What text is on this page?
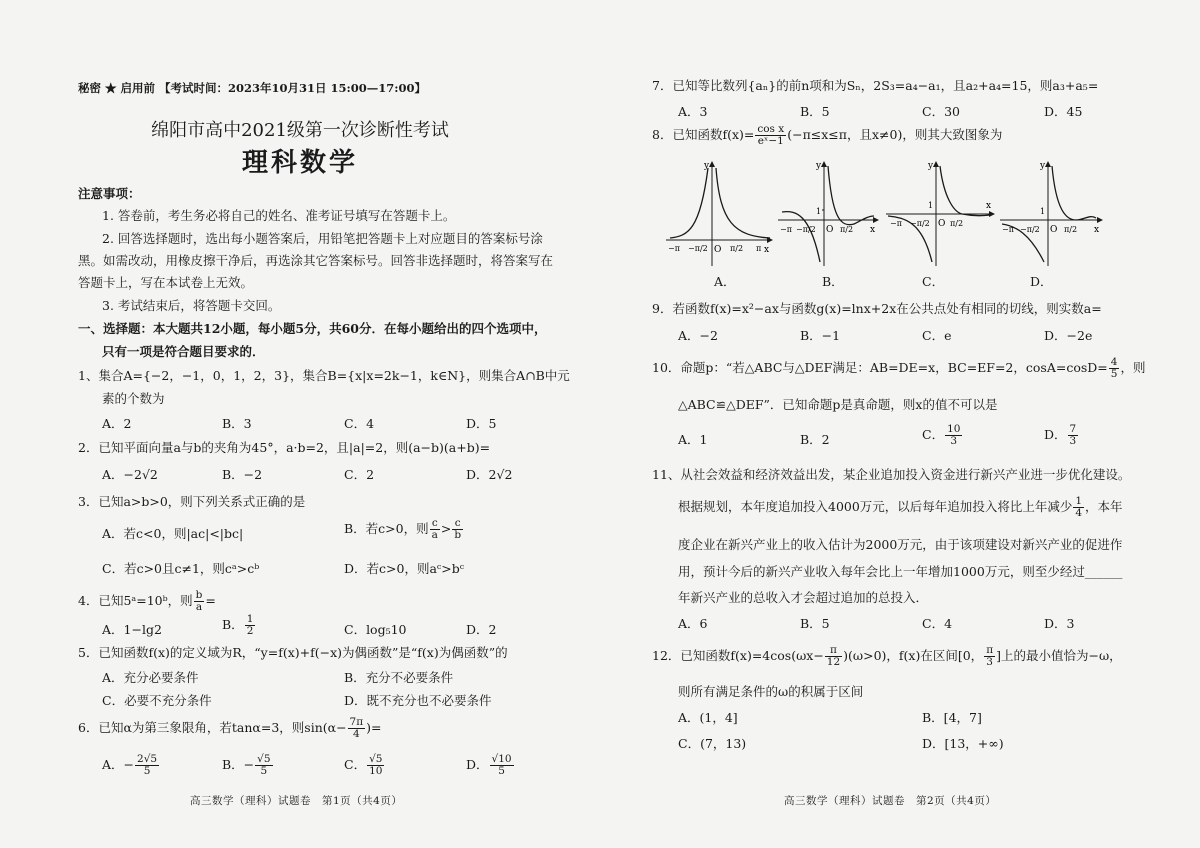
秘密 ★ 启用前 【考试时间：2023年10月31日 15:00—17:00】
绵阳市高中2021级第一次诊断性考试
理科数学
注意事项：
1. 答卷前，考生务必将自己的姓名、准考证号填写在答题卡上。
2. 回答选择题时，选出每小题答案后，用铅笔把答题卡上对应题目的答案标号涂
黑。如需改动，用橡皮擦干净后，再选涂其它答案标号。回答非选择题时，将答案写在
答题卡上，写在本试卷上无效。
3. 考试结束后，将答题卡交回。
一、选择题：本大题共12小题，每小题5分，共60分．在每小题给出的四个选项中，
只有一项是符合题目要求的．
1、集合A={−2，−1，0，1，2，3}，集合B={x|x=2k−1，k∈N}，则集合A∩B中元
素的个数为
A．2	B．3	C．4	D．5
2．已知平面向量a与b的夹角为45°，a·b=2，且|a|=2，则(a−b)(a+b)=
A．−2√2	B．−2	C．2	D．2√2
3．已知a>b>0，则下列关系式正确的是
A．若c<0，则|ac|<|bc|	B．若c>0，则 $\frac{c}{a} > \frac{c}{b}$
C．若c>0且c≠1，则cᵃ>cᵇ	D．若c>0，则aᶜ>bᶜ
4．已知5ᵃ=10ᵇ，则 $\frac{b}{a}$ =
A．1−lg2	B． $\frac{1}{2}$	C．log₅10	D．2
5．已知函数f(x)的定义域为R，“y=f(x)+f(−x)为偶函数”是“f(x)为偶函数”的
A．充分必要条件	B．充分不必要条件
C．必要不充分条件	D．既不充分也不必要条件
6．已知α为第三象限角，若tanα=3，则$\sin(\alpha- \frac{7\pi}{4}$ )=
A．− $\frac{2√5}{5}$	B．− $\frac{√5}{5}$	C． $\frac{√5}{10}$	D． $\frac{√10}{5}$
高三数学（理科）试题卷　第1页（共4页）
7．已知等比数列{aₙ}的前n项和为Sₙ，2S₃=a₄−a₁，且a₂+a₄=15，则a₃+a₅=
A．3	B．5	C．30	D．45
8．已知函数$f(x)= \frac{\text{cos x}}{\text{eˣ−1}} (-\pi\le x\le\pi$，且x≠0)，则其大致图象为
y
x
O
−π −π/2	π/2 π
y
x
1
O
−π −π/2	π/2
y
x
1
O
−π −π/2	π/2
y
x
1
O
−π −π/2	π/2
A．	B．	C．	D．
9．若函数f(x)=x²−ax与函数g(x)=lnx+2x在公共点处有相同的切线，则实数a=
A．−2	B．−1	C．e	D．−2e
10．命题p：“若△ABC与△DEF满足：AB=DE=x，BC=EF=2，$\cos A=\cos D= \frac{4}{5}$ ，则
△ABC≌△DEF”．已知命题p是真命题，则x的值不可以是
A．1	B．2	C． $\frac{10}{3}$	D． $\frac{7}{3}$
11、从社会效益和经济效益出发，某企业追加投入资金进行新兴产业进一步优化建设。
根据规划，本年度追加投入4000万元，以后每年追加投入将比上年减少 $\frac{1}{4}$ ，本年
度企业在新兴产业上的收入估计为2000万元，由于该项建设对新兴产业的促进作
用，预计今后的新兴产业收入每年会比上一年增加1000万元，则至少经过______
年新兴产业的总收入才会超过追加的总投入．
A．6	B．5	C．4	D．3
12．已知函数$f(x)=4\cos(\omega x- \frac{\pi}{12} )(\omega>0)$，f(x)在区间[0， $\frac{\pi}{3}$ ]上的最小值恰为−ω，
则所有满足条件的ω的积属于区间
A．(1，4]	B．[4，7]
C．(7，13)	D．[13，+∞)
高三数学（理科）试题卷　第2页（共4页）
